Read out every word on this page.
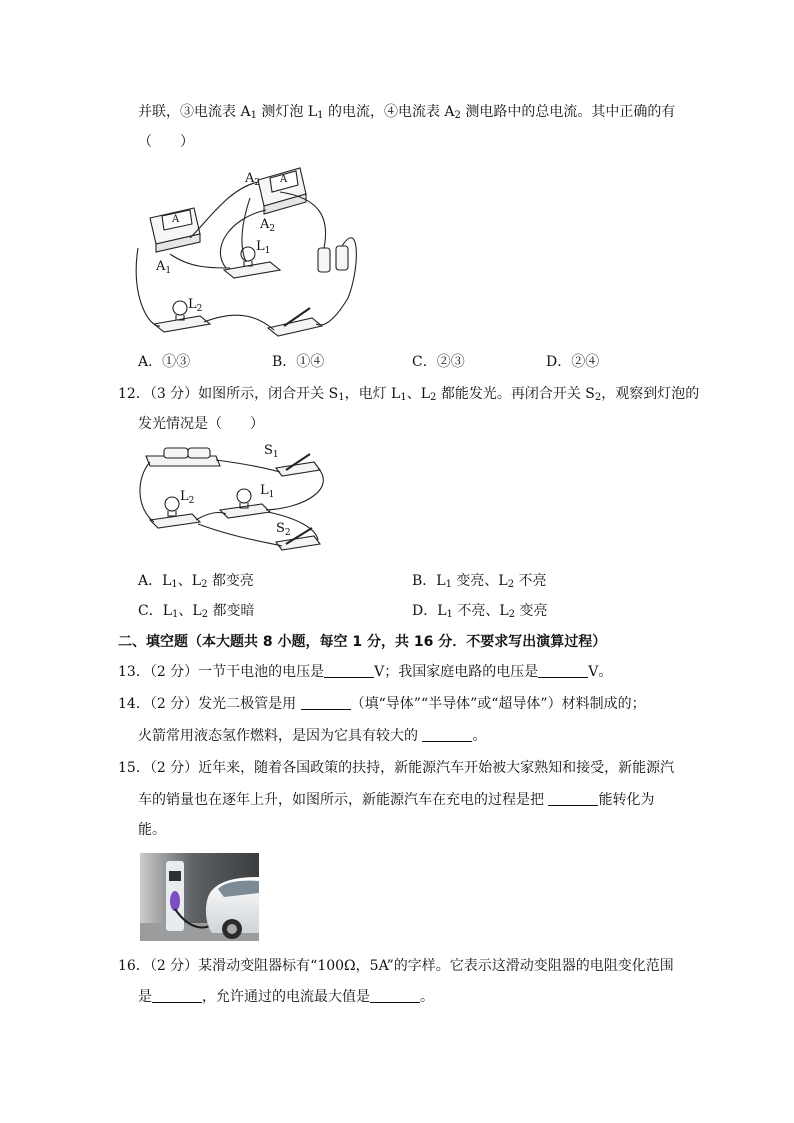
并联，③电流表 $A_1$ 测灯泡 $L_1$ 的电流，④电流表 $A_2$ 测电路中的总电流。其中正确的有
（　　）
$A_2$ A
A	$A_2$
$A_1$
$L_1$
$L_2$
A．①③	B．①④	C．②③	D．②④
12．（3 分）如图所示，闭合开关 $S_1$，电灯 $L_1$、$L_2$ 都能发光。再闭合开关 $S_2$，观察到灯泡的
发光情况是（　　）
$S_1$
$L_1$
$L_2$
$S_2$
A．$L_1$、$L_2$ 都变亮	B．$L_1$ 变亮、$L_2$ 不亮
C．$L_1$、$L_2$ 都变暗	D．$L_1$ 不亮、$L_2$ 变亮
二、填空题（本大题共 8 小题，每空 1 分，共 16 分．不要求写出演算过程）
13．（2 分）一节干电池的电压是	V；我国家庭电路的电压是	V。
14．（2 分）发光二极管是用	（填“导体”“半导体”或“超导体”）材料制成的；
火箭常用液态氢作燃料，是因为它具有较大的	。
15．（2 分）近年来，随着各国政策的扶持，新能源汽车开始被大家熟知和接受，新能源汽
车的销量也在逐年上升，如图所示，新能源汽车在充电的过程是把	能转化为
能。
16．（2 分）某滑动变阻器标有“100Ω，5A”的字样。它表示这滑动变阻器的电阻变化范围
是	，允许通过的电流最大值是	。
